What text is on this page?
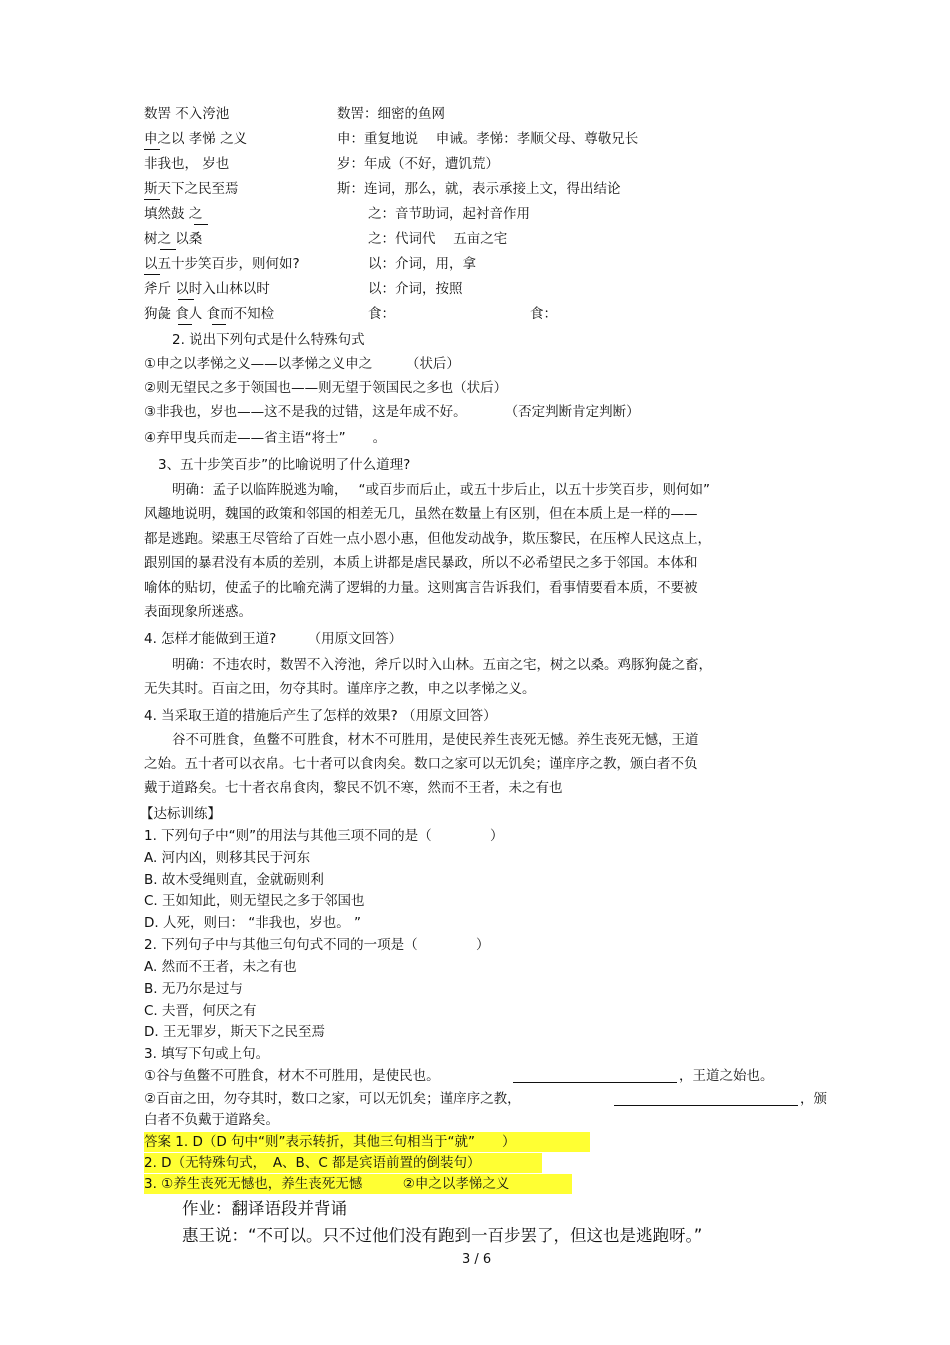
数罟 不入洿池	数罟：细密的鱼网
申之以 孝悌 之义	申：重复地说　 申诫。孝悌：孝顺父母、尊敬兄长
非我也， 岁也	岁：年成（不好，遭饥荒）
斯天下之民至焉	斯：连词，那么，就，表示承接上文，得出结论
填然鼓 之	之：音节助词，起衬音作用
树之 以桑	之：代词代　 五亩之宅
以五十步笑百步，则何如?	以：介词，用，拿
斧斤 以时入山林以时	以：介词，按照
狗彘 食人 食而不知检	食：	食：
2. 说出下列句式是什么特殊句式
①申之以孝悌之义——以孝悌之义申之　　　（状后）
②则无望民之多于领国也——则无望于领国民之多也（状后）
③非我也，岁也——这不是我的过错，这是年成不好。　　　 （否定判断肯定判断）
④弃甲曳兵而走——省主语“将士”　　。
3、五十步笑百步”的比喻说明了什么道理?
明确：孟子以临阵脱逃为喻，　 “或百步而后止，或五十步后止，以五十步笑百步，则何如”
风趣地说明，魏国的政策和邻国的相差无几，虽然在数量上有区别，但在本质上是一样的——
都是逃跑。梁惠王尽管给了百姓一点小恩小惠，但他发动战争，欺压黎民，在压榨人民这点上，
跟别国的暴君没有本质的差别，本质上讲都是虐民暴政，所以不必希望民之多于邻国。本体和
喻体的贴切，使孟子的比喻充满了逻辑的力量。这则寓言告诉我们，看事情要看本质，不要被
表面现象所迷惑。
4. 怎样才能做到王道?　　 （用原文回答）
明确：不违农时，数罟不入洿池，斧斤以时入山林。五亩之宅，树之以桑。鸡豚狗彘之畜，
无失其时。百亩之田，勿夺其时。谨庠序之教，申之以孝悌之义。
4. 当采取王道的措施后产生了怎样的效果? （用原文回答）
谷不可胜食，鱼鳖不可胜食，材木不可胜用，是使民养生丧死无憾。养生丧死无憾，王道
之始。五十者可以衣帛。七十者可以食肉矣。数口之家可以无饥矣；谨庠序之教，颁白者不负
戴于道路矣。七十者衣帛食肉，黎民不饥不寒，然而不王者，未之有也
【达标训练】
1. 下列句子中“则”的用法与其他三项不同的是（　　　　 ）
A. 河内凶，则移其民于河东
B. 故木受绳则直，金就砺则利
C. 王如知此，则无望民之多于邻国也
D. 人死，则曰： “非我也，岁也。 ”
2. 下列句子中与其他三句句式不同的一项是（　　　　 ）
A. 然而不王者，未之有也
B. 无乃尔是过与
C. 夫晋，何厌之有
D. 王无罪岁，斯天下之民至焉
3. 填写下句或上句。
①谷与鱼鳖不可胜食，材木不可胜用，是使民也。	，王道之始也。
②百亩之田，勿夺其时，数口之家，可以无饥矣；谨庠序之教，	，颁
白者不负戴于道路矣。
答案 1. D（D 句中“则”表示转折，其他三句相当于“就”　　）
2. D（无特殊句式，　A、B、C 都是宾语前置的倒装句）
3. ①养生丧死无憾也，养生丧死无憾　　　②申之以孝悌之义
作业：翻译语段并背诵
惠王说：“不可以。只不过他们没有跑到一百步罢了，但这也是逃跑呀。”
3 / 6
